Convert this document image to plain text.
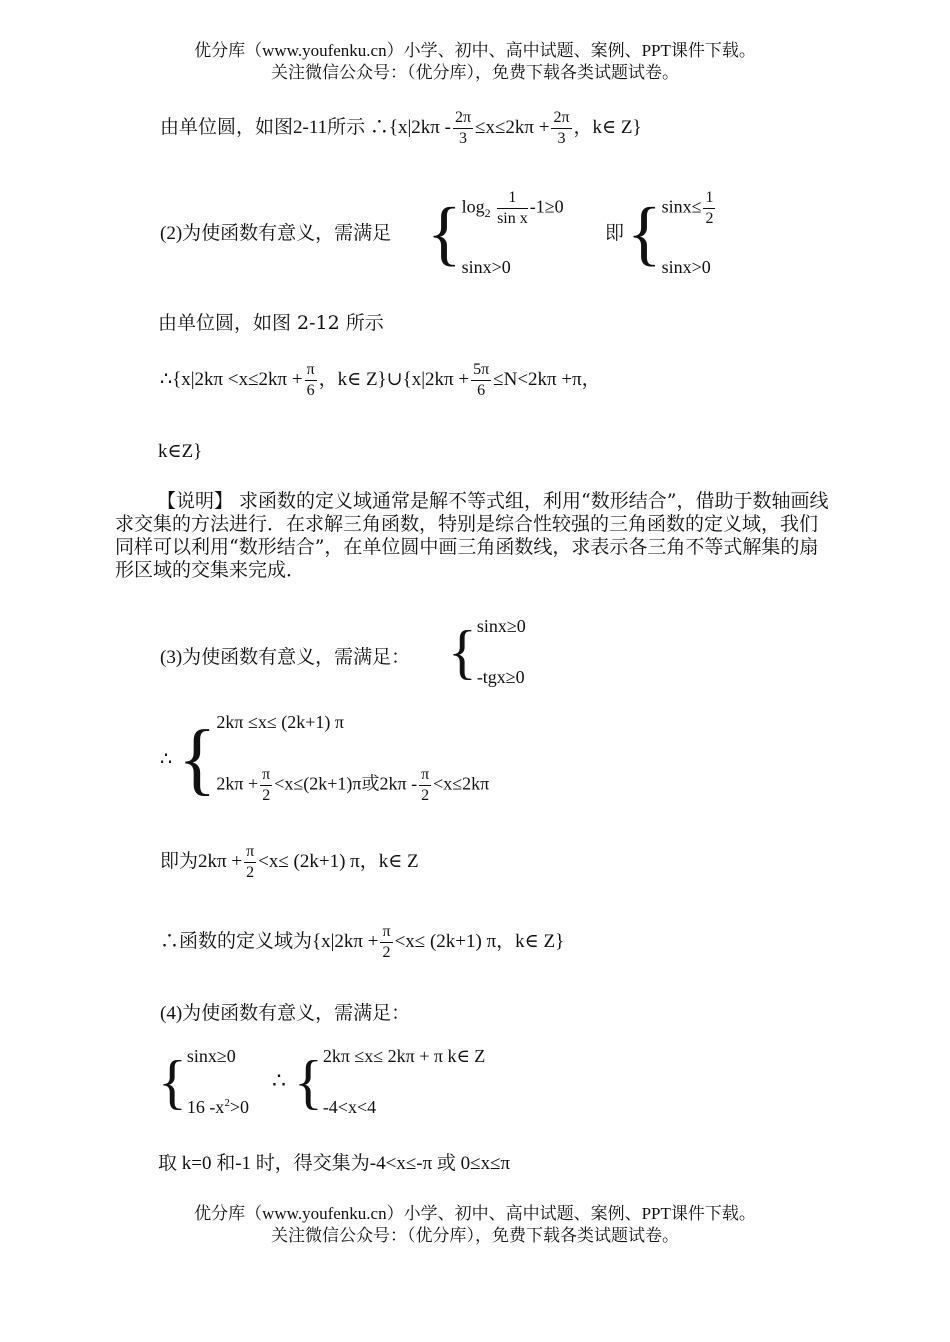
优分库（www.youfenku.cn）小学、初中、高中试题、案例、PPT课件下载。
关注微信公众号：（优分库），免费下载各类试题试卷。
由单位圆，如图2-11所示 ∴{x|2kπ - $\frac{2\pi}{3} \le x\le 2k\pi + \frac{2\pi}{3}$ ，k∈ Z}
(2)为使函数有意义，需满足 { $\log_2 \frac{1}{\text{sin x}} -1\ge 0$
sinx>0
即 { $\sin x\le \frac{1}{2}$
sinx>0
由单位圆，如图 2-12 所示
∴{x|2kπ $<x\le 2k\pi + \frac{\pi}{6}$ ，k∈ Z}∪{x|2kπ + $\frac{5\pi}{6} \le N<2k\pi +\pi$，
k∈Z}
【说明】 求函数的定义域通常是解不等式组，利用“数形结合”，借助于数轴画线求交集的方法进行．在求解三角函数，特别是综合性较强的三角函数的定义域，我们同样可以利用“数形结合”，在单位圆中画三角函数线，求表示各三角不等式解集的扇形区域的交集来完成．
(3)为使函数有意义，需满足： { sinx≥0
-tgx≥0
∴ { 2kπ ≤x≤ (2k+1) π
$2k\pi + \frac{\pi}{2} <x\le(2k+1)\pi$或$2k\pi - \frac{\pi}{2} <x\le 2k\pi$
即为$2k\pi + \frac{\pi}{2} <x\le (2k+1)$ π，k∈ Z
∴函数的定义域为{$x|2k\pi + \frac{\pi}{2} <x\le (2k+1)$ π，k∈ Z}
(4)为使函数有意义，需满足：
{ sinx≥0
16 $-x^2>0$
∴ { 2kπ ≤x≤ 2kπ + π k∈ Z
-4<x<4
取 k=0 和-1 时，得交集为-4<x≤-π 或 0≤x≤π
优分库（www.youfenku.cn）小学、初中、高中试题、案例、PPT课件下载。
关注微信公众号：（优分库），免费下载各类试题试卷。
